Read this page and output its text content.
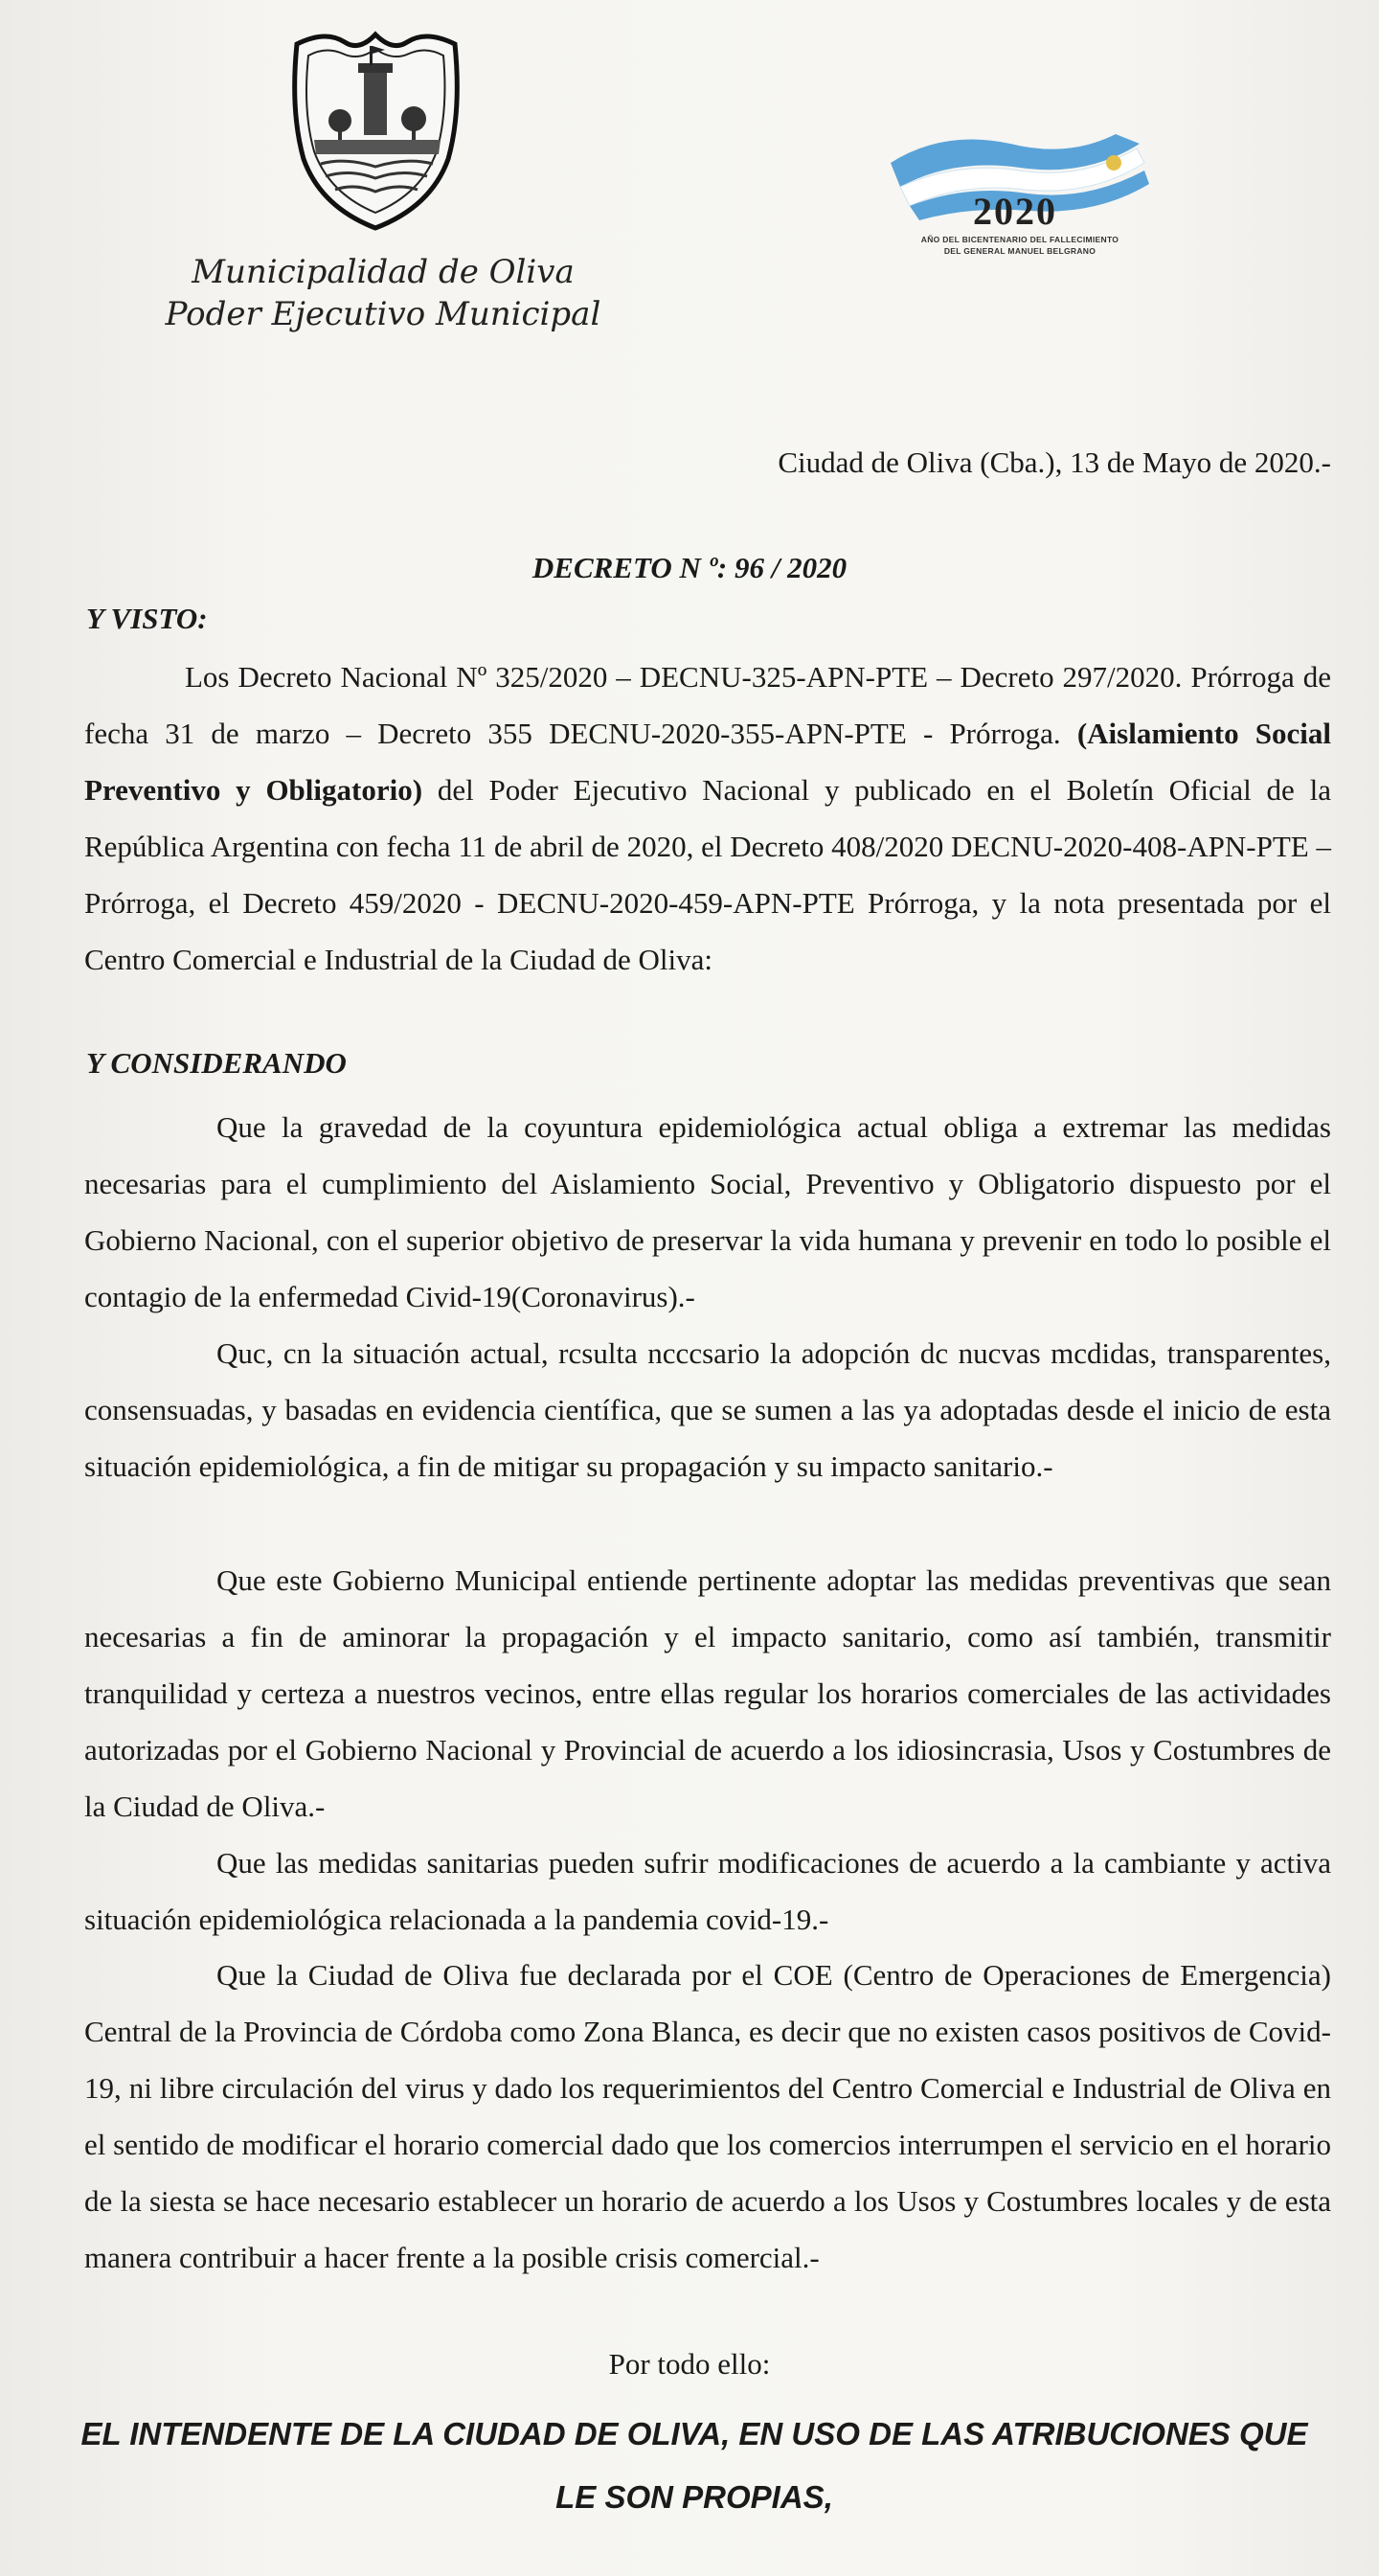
Municipalidad de Oliva
Poder Ejecutivo Municipal
2020
AÑO DEL BICENTENARIO DEL FALLECIMIENTO
DEL GENERAL MANUEL BELGRANO
Ciudad de Oliva (Cba.), 13 de Mayo de 2020.-
DECRETO N º: 96 / 2020
Y VISTO:
Los Decreto Nacional Nº 325/2020 – DECNU-325-APN-PTE – Decreto 297/2020. Prórroga de fecha 31 de marzo – Decreto 355 DECNU-2020-355-APN-PTE - Prórroga. (Aislamiento Social Preventivo y Obligatorio) del Poder Ejecutivo Nacional y publicado en el Boletín Oficial de la República Argentina con fecha 11 de abril de 2020, el Decreto 408/2020 DECNU-2020-408-APN-PTE – Prórroga, el Decreto 459/2020 - DECNU-2020-459-APN-PTE Prórroga, y la nota presentada por el Centro Comercial e Industrial de la Ciudad de Oliva:
Y CONSIDERANDO
Que la gravedad de la coyuntura epidemiológica actual obliga a extremar las medidas necesarias para el cumplimiento del Aislamiento Social, Preventivo y Obligatorio dispuesto por el Gobierno Nacional, con el superior objetivo de preservar la vida humana y prevenir en todo lo posible el contagio de la enfermedad Civid-19(Coronavirus).-
Quc, cn la situación actual, rcsulta ncccsario la adopción dc nucvas mcdidas, transparentes, consensuadas, y basadas en evidencia científica, que se sumen a las ya adoptadas desde el inicio de esta situación epidemiológica, a fin de mitigar su propagación y su impacto sanitario.-
Que este Gobierno Municipal entiende pertinente adoptar las medidas preventivas que sean necesarias a fin de aminorar la propagación y el impacto sanitario, como así también, transmitir tranquilidad y certeza a nuestros vecinos, entre ellas regular los horarios comerciales de las actividades autorizadas por el Gobierno Nacional y Provincial de acuerdo a los idiosincrasia, Usos y Costumbres de la Ciudad de Oliva.-
Que las medidas sanitarias pueden sufrir modificaciones de acuerdo a la cambiante y activa situación epidemiológica relacionada a la pandemia covid-19.-
Que la Ciudad de Oliva fue declarada por el COE (Centro de Operaciones de Emergencia) Central de la Provincia de Córdoba como Zona Blanca, es decir que no existen casos positivos de Covid-19, ni libre circulación del virus y dado los requerimientos del Centro Comercial e Industrial de Oliva en el sentido de modificar el horario comercial dado que los comercios interrumpen el servicio en el horario de la siesta se hace necesario establecer un horario de acuerdo a los Usos y Costumbres locales y de esta manera contribuir a hacer frente a la posible crisis comercial.-
Por todo ello:
EL INTENDENTE DE LA CIUDAD DE OLIVA, EN USO DE LAS ATRIBUCIONES QUE LE SON PROPIAS,
